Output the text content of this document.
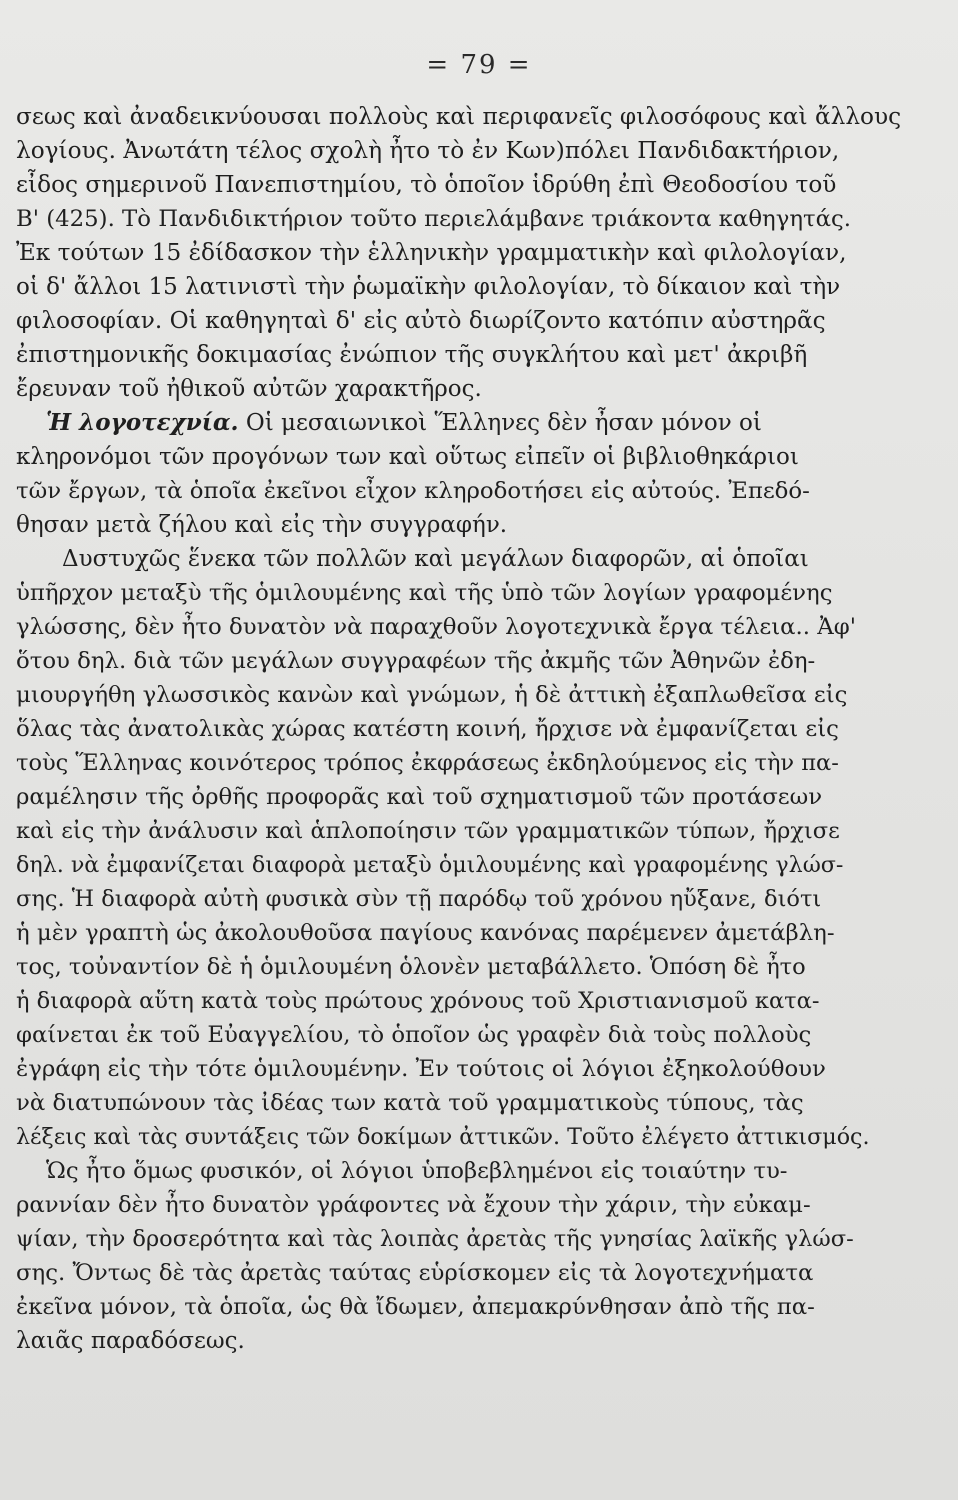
= 79 =
σεως καὶ ἀναδεικνύουσαι πολλοὺς καὶ περιφανεῖς φιλοσόφους καὶ ἄλλους
λογίους. Ἀνωτάτη τέλος σχολὴ ἦτο τὸ ἐν Κων)πόλει Πανδιδακτήριον,
εἶδος σημερινοῦ Πανεπιστημίου, τὸ ὁποῖον ἱδρύθη ἐπὶ Θεοδοσίου τοῦ
Β' (425). Τὸ Πανδιδικτήριον τοῦτο περιελάμβανε τριάκοντα καθηγητάς.
Ἐκ τούτων 15 ἐδίδασκον τὴν ἑλληνικὴν γραμματικὴν καὶ φιλολογίαν,
οἱ δ' ἄλλοι 15 λατινιστὶ τὴν ῥωμαϊκὴν φιλολογίαν, τὸ δίκαιον καὶ τὴν
φιλοσοφίαν. Οἱ καθηγηταὶ δ' εἰς αὐτὸ διωρίζοντο κατόπιν αὐστηρᾶς
ἐπιστημονικῆς δοκιμασίας ἐνώπιον τῆς συγκλήτου καὶ μετ' ἀκριβῆ
ἔρευναν τοῦ ἠθικοῦ αὐτῶν χαρακτῆρος.
Ἡ λογοτεχνία. Οἱ μεσαιωνικοὶ Ἕλληνες δὲν ἦσαν μόνον οἱ
κληρονόμοι τῶν προγόνων των καὶ οὕτως εἰπεῖν οἱ βιβλιοθηκάριοι
τῶν ἔργων, τὰ ὁποῖα ἐκεῖνοι εἶχον κληροδοτήσει εἰς αὐτούς. Ἐπεδό-
θησαν μετὰ ζήλου καὶ εἰς τὴν συγγραφήν.
Δυστυχῶς ἕνεκα τῶν πολλῶν καὶ μεγάλων διαφορῶν, αἱ ὁποῖαι
ὑπῆρχον μεταξὺ τῆς ὁμιλουμένης καὶ τῆς ὑπὸ τῶν λογίων γραφομένης
γλώσσης, δὲν ἦτο δυνατὸν νὰ παραχθοῦν λογοτεχνικὰ ἔργα τέλεια.. Ἀφ'
ὅτου δηλ. διὰ τῶν μεγάλων συγγραφέων τῆς ἀκμῆς τῶν Ἀθηνῶν ἐδη-
μιουργήθη γλωσσικὸς κανὼν καὶ γνώμων, ἡ δὲ ἀττικὴ ἐξαπλωθεῖσα εἰς
ὅλας τὰς ἀνατολικὰς χώρας κατέστη κοινή, ἤρχισε νὰ ἐμφανίζεται εἰς
τοὺς Ἕλληνας κοινότερος τρόπος ἐκφράσεως ἐκδηλούμενος εἰς τὴν πα-
ραμέλησιν τῆς ὀρθῆς προφορᾶς καὶ τοῦ σχηματισμοῦ τῶν προτάσεων
καὶ εἰς τὴν ἀνάλυσιν καὶ ἁπλοποίησιν τῶν γραμματικῶν τύπων, ἤρχισε
δηλ. νὰ ἐμφανίζεται διαφορὰ μεταξὺ ὁμιλουμένης καὶ γραφομένης γλώσ-
σης. Ἡ διαφορὰ αὐτὴ φυσικὰ σὺν τῇ παρόδῳ τοῦ χρόνου ηὔξανε, διότι
ἡ μὲν γραπτὴ ὡς ἀκολουθοῦσα παγίους κανόνας παρέμενεν ἀμετάβλη-
τος, τοὐναντίον δὲ ἡ ὁμιλουμένη ὁλονὲν μεταβάλλετο. Ὁπόση δὲ ἦτο
ἡ διαφορὰ αὕτη κατὰ τοὺς πρώτους χρόνους τοῦ Χριστιανισμοῦ κατα-
φαίνεται ἐκ τοῦ Εὐαγγελίου, τὸ ὁποῖον ὡς γραφὲν διὰ τοὺς πολλοὺς
ἐγράφη εἰς τὴν τότε ὁμιλουμένην. Ἐν τούτοις οἱ λόγιοι ἐξηκολούθουν
νὰ διατυπώνουν τὰς ἰδέας των κατὰ τοῦ γραμματικοὺς τύπους, τὰς
λέξεις καὶ τὰς συντάξεις τῶν δοκίμων ἀττικῶν. Τοῦτο ἐλέγετο ἀττικισμός.
Ὡς ἦτο ὅμως φυσικόν, οἱ λόγιοι ὑποβεβλημένοι εἰς τοιαύτην τυ-
ραννίαν δὲν ἦτο δυνατὸν γράφοντες νὰ ἔχουν τὴν χάριν, τὴν εὐκαμ-
ψίαν, τὴν δροσερότητα καὶ τὰς λοιπὰς ἀρετὰς τῆς γνησίας λαϊκῆς γλώσ-
σης. Ὄντως δὲ τὰς ἀρετὰς ταύτας εὑρίσκομεν εἰς τὰ λογοτεχνήματα
ἐκεῖνα μόνον, τὰ ὁποῖα, ὡς θὰ ἴδωμεν, ἀπεμακρύνθησαν ἀπὸ τῆς πα-
λαιᾶς παραδόσεως.
